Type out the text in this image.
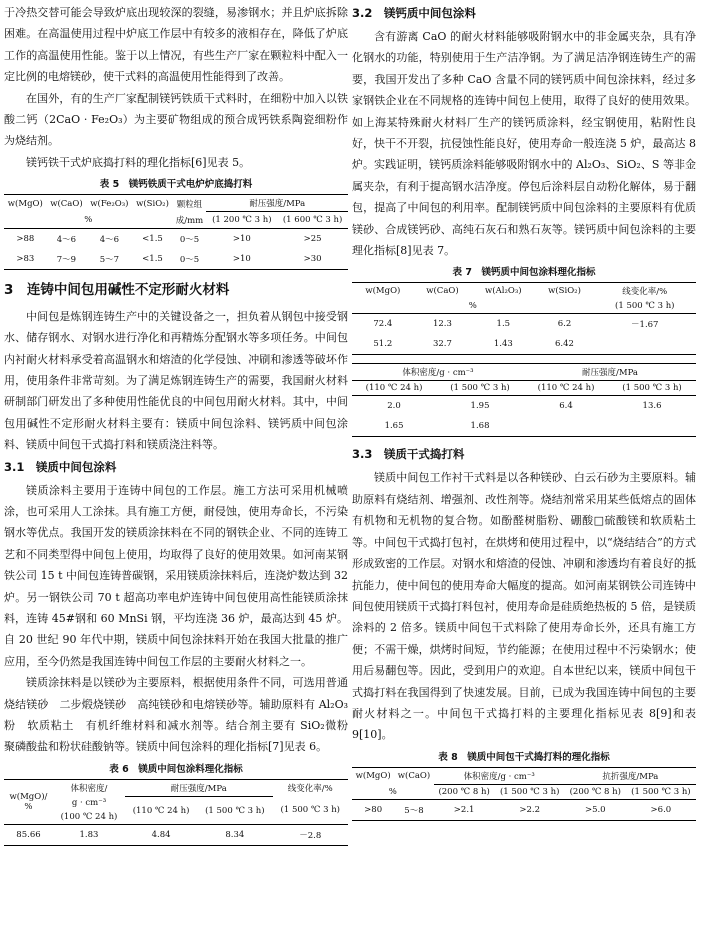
于冷热交替可能会导致炉底出现较深的裂缝，易渗钢水；并且炉底拆除困难。在高温使用过程中炉底工作层中有较多的液相存在，降低了炉底工作的高温使用性能。鉴于以上情况，有些生产厂家在颗粒料中配入一定比例的电熔镁砂，使干式料的高温使用性能得到了改善。

在国外，有的生产厂家配制镁钙铁质干式料时，在细粉中加入以铁酸二钙（2CaO · Fe₂O₃）为主要矿物组成的预合成钙铁系陶瓷细粉作为烧结剂。

镁钙铁干式炉底捣打料的理化指标[6]见表 5。

表 5　镁钙铁质干式电炉炉底捣打料
w(MgO)	w(CaO)	w(Fe₂O₃)	w(SiO₂)	颗粒组	耐压强度/MPa	
%				成/mm	(1 200 ℃ 3 h)	(1 600 ℃ 3 h)
>88	4～6	4～6	<1.5	0～5	>10	>25
>83	7～9	5～7	<1.5	0～5	>10	>30
3　连铸中间包用碱性不定形耐火材料

中间包是炼钢连铸生产中的关键设备之一，担负着从钢包中接受钢水、储存钢水、对钢水进行净化和再精炼分配钢水等多项任务。中间包内衬耐火材料承受着高温钢水和熔渣的化学侵蚀、冲刷和渗透等破坏作用，使用条件非常苛刻。为了满足炼钢连铸生产的需要，我国耐火材料研制部门研发出了多种使用性能优良的中间包用耐火材料。其中，中间包用碱性不定形耐火材料主要有：镁质中间包涂料、镁钙质中间包涂料、镁质中间包干式捣打料和镁质浇注料等。

3.1　镁质中间包涂料

镁质涂料主要用于连铸中间包的工作层。施工方法可采用机械喷涂，也可采用人工涂抹。具有施工方便，耐侵蚀，使用寿命长，不污染钢水等优点。我国开发的镁质涂抹料在不同的钢铁企业、不同的连铸工艺和不同类型得中间包上使用，均取得了良好的使用效果。如河南某钢铁公司 15 t 中间包连铸普碳钢，采用镁质涂抹料后，连浇炉数达到 32 炉。另一钢铁公司 70 t 超高功率电炉连铸中间包使用高性能镁质涂抹料，连铸 45#钢和 60 MnSi 钢，平均连浇 36 炉，最高达到 45 炉。自 20 世纪 90 年代中期，镁质中间包涂抹料开始在我国大批量的推广应用，至今仍然是我国连铸中间包工作层的主要耐火材料之一。

镁质涂抹料是以镁砂为主要原料，根据使用条件不同，可选用普通烧结镁砂　二步煅烧镁砂　高纯镁砂和电熔镁砂等。辅助原料有 Al₂O₃粉　软质粘土　有机纤维材料和减水剂等。结合剂主要有 SiO₂微粉　聚磷酸盐和粉状硅酸钠等。镁质中间包涂料的理化指标[7]见表 6。

表 6　镁质中间包涂料理化指标
w(MgO)/
%	体积密度/	耐压强度/MPa		线变化率/%
	g · cm⁻³	(110 ℃ 24 h)	(1 500 ℃ 3 h)	(1 500 ℃ 3 h)
	(100 ℃ 24 h)			
85.66	1.83	4.84	8.34	－2.8
3.2　镁钙质中间包涂料

含有游离 CaO 的耐火材料能够吸附钢水中的非金属夹杂，具有净化钢水的功能，特别使用于生产洁净钢。为了满足洁净钢连铸生产的需要，我国开发出了多种 CaO 含量不同的镁钙质中间包涂抹料，经过多家钢铁企业在不同规格的连铸中间包上使用，取得了良好的使用效果。如上海某特殊耐火材料厂生产的镁钙质涂料，经宝钢使用，粘附性良好，快干不开裂，抗侵蚀性能良好，使用寿命一般连浇 5 炉，最高达 8 炉。实践证明，镁钙质涂料能够吸附钢水中的 Al₂O₃、SiO₂、S 等非金属夹杂，有利于提高钢水洁净度。停包后涂料层自动粉化解体，易于翻包，提高了中间包的利用率。配制镁钙质中间包涂料的主要原料有优质镁砂、合成镁钙砂、高纯石灰石和熟石灰等。镁钙质中间包涂料的主要理化指标[8]见表 7。

表 7　镁钙质中间包涂料理化指标
w(MgO)	w(CaO)	w(Al₂O₃)	w(SiO₂)	线变化率/%
%				(1 500 ℃ 3 h)
72.4	12.3	1.5	6.2	－1.67
51.2	32.7	1.43	6.42	
体积密度/g · cm⁻³		耐压强度/MPa	
(110 ℃ 24 h)	(1 500 ℃ 3 h)	(110 ℃ 24 h)	(1 500 ℃ 3 h)
2.0	1.95	6.4	13.6
1.65	1.68		
3.3　镁质干式捣打料

镁质中间包工作衬干式料是以各种镁砂、白云石砂为主要原料。辅助原料有烧结剂、增强剂、改性剂等。烧结剂常采用某些低熔点的固体有机物和无机物的复合物。如酚醛树脂粉、硼酸□硫酸镁和软质粘土等。中间包干式捣打包衬，在烘烤和使用过程中，以“烧结结合”的方式形成致密的工作层。对钢水和熔渣的侵蚀、冲刷和渗透均有着良好的抵抗能力，使中间包的使用寿命大幅度的提高。如河南某钢铁公司连铸中间包使用镁质干式捣打料包衬，使用寿命是硅质绝热板的 5 倍，是镁质涂料的 2 倍多。镁质中间包干式料除了使用寿命长外，还具有施工方便；不需干燥，烘烤时间短，节约能源；在使用过程中不污染钢水；使用后易翻包等。因此，受到用户的欢迎。自本世纪以来，镁质中间包干式捣打料在我国得到了快速发展。目前，已成为我国连铸中间包的主要耐火材料之一。中间包干式捣打料的主要理化指标见表 8[9]和表 9[10]。

表 8　镁质中间包干式捣打料的理化指标
w(MgO)	w(CaO)	体积密度/g · cm⁻³		抗折强度/MPa	
%		(200 ℃ 8 h)	(1 500 ℃ 3 h)	(200 ℃ 8 h)	(1 500 ℃ 3 h)
>80	5～8	>2.1	>2.2	>5.0	>6.0
